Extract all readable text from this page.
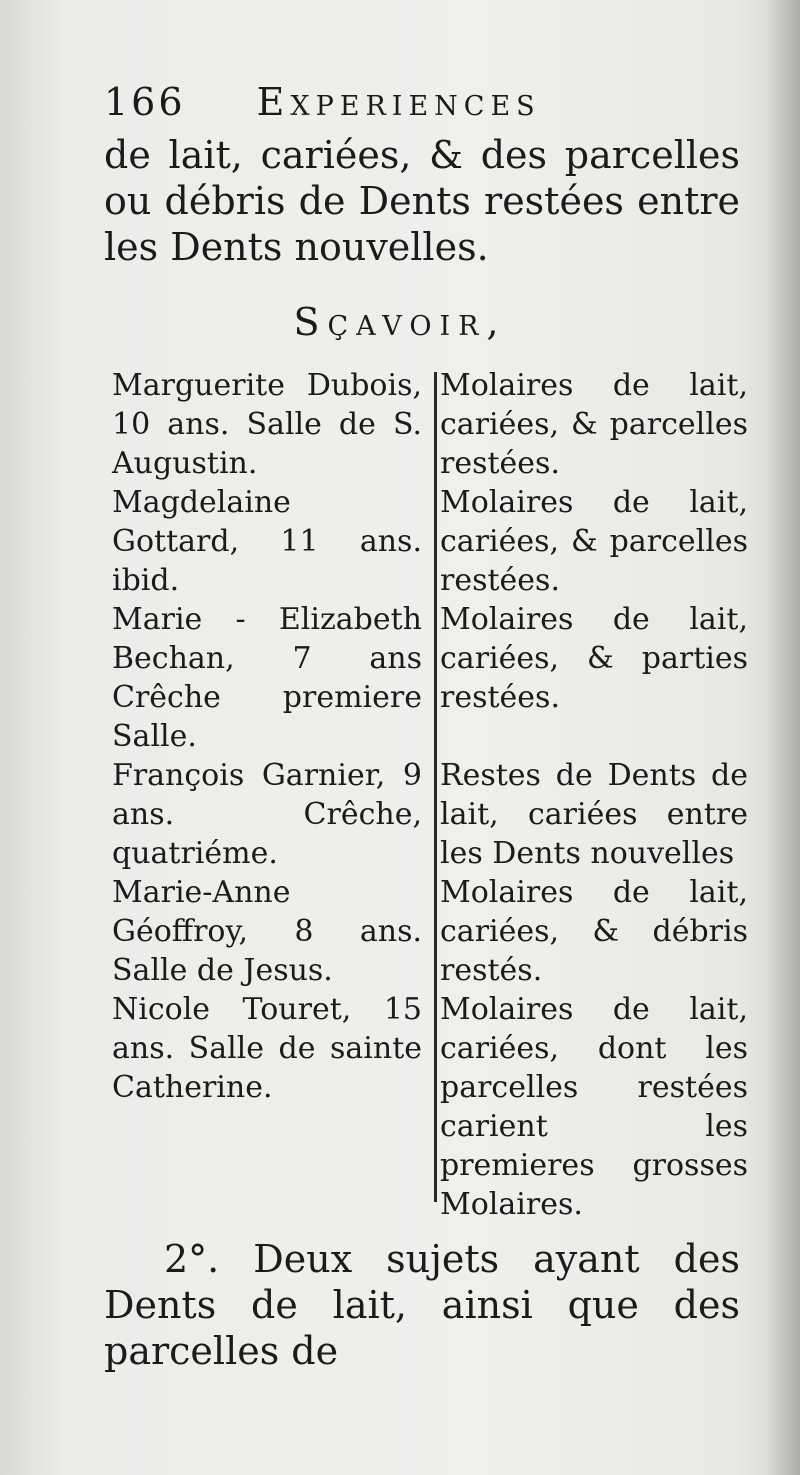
166 Experiences
de lait, cariées, & des parcelles ou débris de Dents restées entre les Dents nouvelles.
Sçavoir,
Marguerite Dubois, 10 ans. Salle de S. Augustin.
Molaires de lait, cariées, & parcelles restées.
Magdelaine Gottard, 11 ans. ibid.
Molaires de lait, cariées, & parcelles restées.
Marie - Elizabeth Bechan, 7 ans Crêche premiere Salle.
Molaires de lait, cariées, & parties restées.
François Garnier, 9 ans. Crêche, quatriéme.
Restes de Dents de lait, cariées entre les Dents nouvelles
Marie-Anne Géoffroy, 8 ans. Salle de Jesus.
Molaires de lait, cariées, & débris restés.
Nicole Touret, 15 ans. Salle de sainte Catherine.
Molaires de lait, cariées, dont les parcelles restées carient les premieres grosses Molaires.
2°. Deux sujets ayant des Dents de lait, ainsi que des parcelles de
